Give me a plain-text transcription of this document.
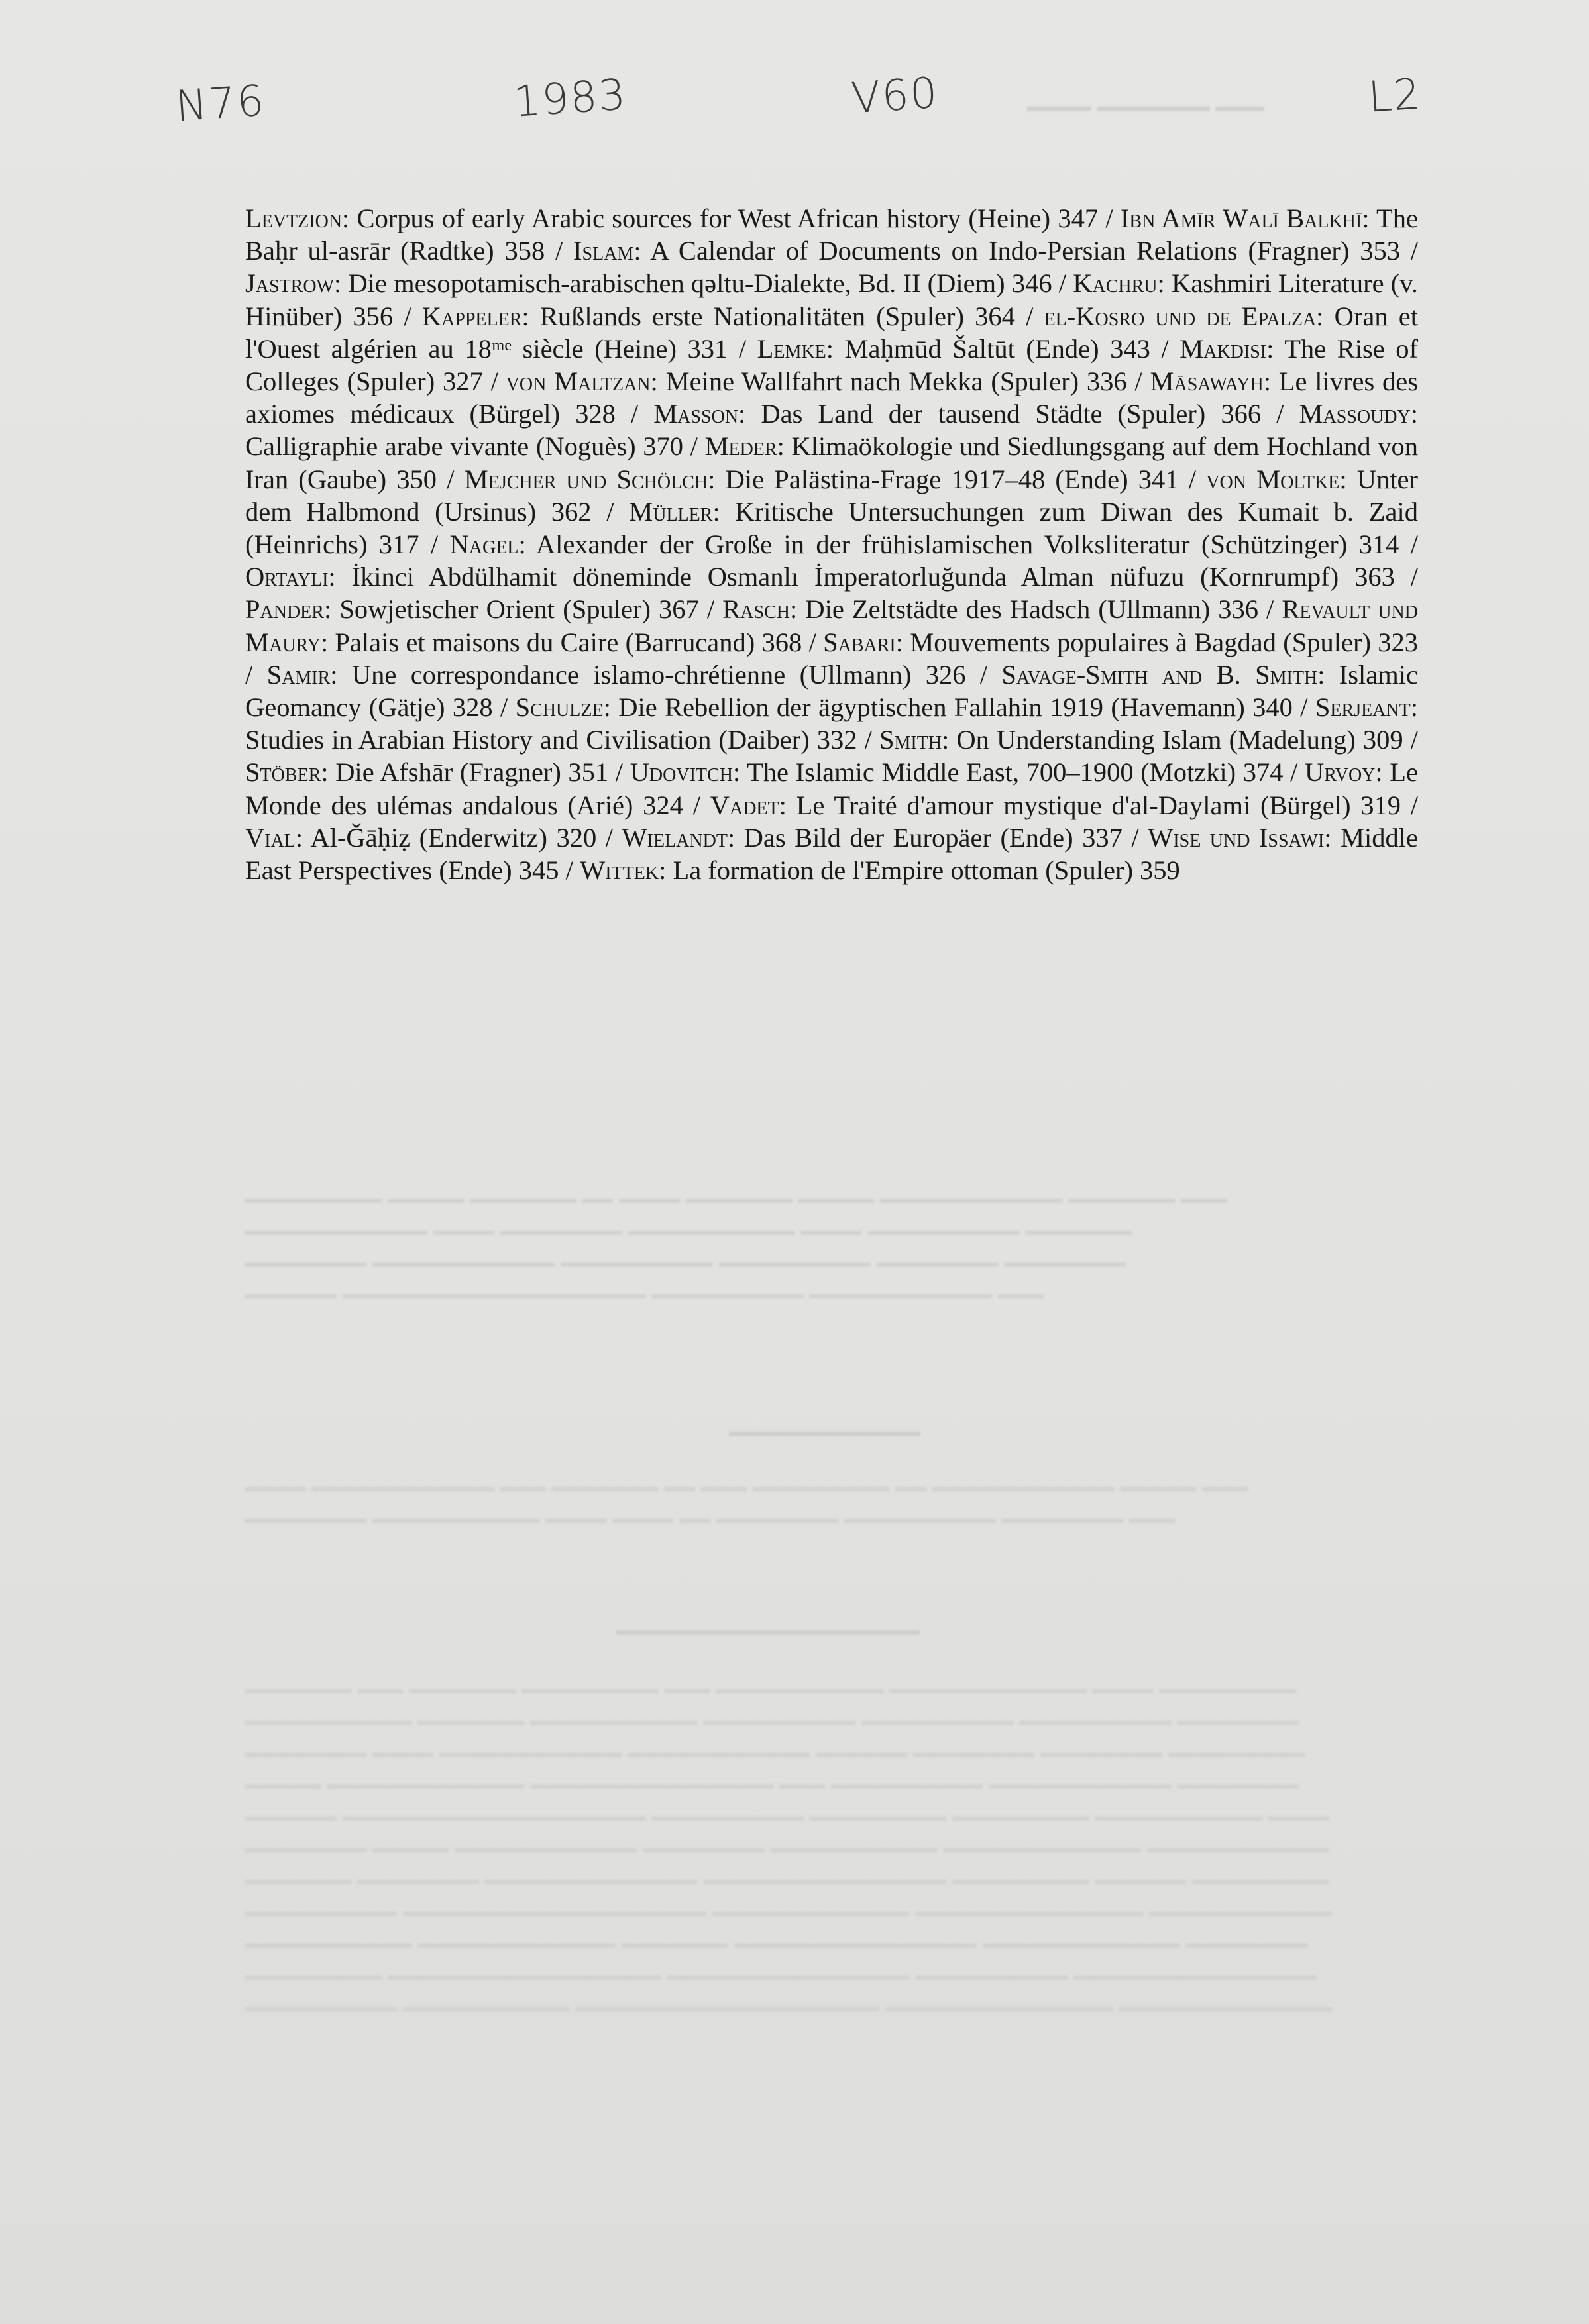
N76	1983	V60	L2
━━━━ ━━━━━━━ ━━━
━━━━━━━━━ ━━━━━ ━━━━━━━ ━━ ━━━━ ━━━━━━━ ━━━━━ ━━━━━━━━━━━━ ━━━━━━━ ━━━
━━━━━━━━━━━━ ━━━━ ━━━━━━━━ ━━━━━━━━━━━ ━━━━ ━━━━━━━━━━ ━━━━━━━
━━━━━━━━ ━━━━━━━━━━━━ ━━━━━━━━━━ ━━━━━━━━━━ ━━━━━━━━ ━━━━━━━━
━━━━━━ ━━━━━━━━━━━━━━━━━━━━ ━━━━━━━━━━ ━━━━━━━━━━━━ ━━━
━━━━━━━━━━━━
━━━━ ━━━━━━━━━━━━ ━━━ ━━━━━━━ ━━ ━━━ ━━━━━━━━━ ━━ ━━━━━━━━━━━━ ━━━━━ ━━━
━━━━━━━━ ━━━━━━━━━━━ ━━━━ ━━━━ ━━ ━━━━━━━━ ━━━━━━━━━━ ━━━━━━━━ ━━━
━━━━━━━━━━━━━━━━━━━
━━━━━━━ ━━━ ━━━━━━━ ━━━━━━━━━ ━━━ ━━━━━━━━━━━ ━━━━━━━━━━━━━ ━━━━ ━━━━━━━━━
━━━━━━━━━━━ ━━━━━━━ ━━━━━━━━━━━ ━━━━━━━━━━ ━━━━━━━━━━ ━━━━━━━━━━ ━━━━━━━━
━━━━━━━━ ━━━━ ━━━━━━━━━━━━ ━━━━━━━━━━━━ ━━━━━━ ━━━━━━━━ ━━━━━━━━ ━━━━━━━━━
━━━━━ ━━━━━━━━━━━━━ ━━━━━━━━━━━━━━━━ ━━━ ━━━━━━━━━━ ━━━━━━━━━━━━ ━━━━━━━━
━━━━━━ ━━━━━━━━━━━━━━━━━━━━ ━━━━━━━━━━ ━━━━━━━━━ ━━━━━━━━━ ━━━━━━━━━━━ ━━━━
━━━━━━━━ ━━━━━ ━━━━━━━━━━━━ ━━━━━━━━ ━━━━━━━━━━━ ━━━━━━━━━━━━━ ━━━━━━━━━━━━
━━━━━━━ ━━━━━━━━ ━━━━━━━━━━━━━━ ━━━━━━━━━━━━━━━━ ━━━━━━━━━ ━━━━━━ ━━━━━━━━━
━━━━━━━━━━ ━━━━━━━━━━━━━━━━━━━━ ━━━━━━━━━━━━━ ━━━━━━━━━━━━━━━ ━━━━━━━━━━━━
━━━━━━━━━━━ ━━━━━━━━━━━━━ ━━━━━━━ ━━━━━━━━━━━━━━━━ ━━━━━━━━━━━━━ ━━━━━━━━
━━━━━━━━━ ━━━━━━━━━━━━━━━━━━ ━━━━━━━━━━━━━━━━ ━━━━━━━━━━ ━━━━━━━━━━━━━━━━
━━━━━━━━━━ ━━━━━━━━━━━ ━━━━━━━━━━━━━━━━━━━━ ━━━━━━━━━━━━━━━ ━━━━━━━━━━━━━━

Levtzion: Corpus of early Arabic sources for West African history (Heine) 347 / Ibn Amīr Walī Balkhī: The Baḥr ul-asrār (Radtke) 358 / Islam: A Calendar of Documents on Indo-Persian Relations (Fragner) 353 / Jastrow: Die mesopotamisch-arabischen qəltu-Dialekte, Bd. II (Diem) 346 / Kachru: Kashmiri Literature (v. Hinüber) 356 / Kappeler: Rußlands erste Nationalitäten (Spuler) 364 / el-Kosro und de Epalza: Oran et l'Ouest algérien au 18ᵐᵉ siècle (Heine) 331 / Lemke: Maḥmūd Šaltūt (Ende) 343 / Makdisi: The Rise of Colleges (Spuler) 327 / von Maltzan: Meine Wallfahrt nach Mekka (Spuler) 336 / Māsawayh: Le livres des axiomes médicaux (Bürgel) 328 / Masson: Das Land der tausend Städte (Spuler) 366 / Massoudy: Calligraphie arabe vivante (Noguès) 370 / Meder: Klimaökologie und Siedlungsgang auf dem Hochland von Iran (Gaube) 350 / Mejcher und Schölch: Die Palästina-Frage 1917–48 (Ende) 341 / von Moltke: Unter dem Halbmond (Ursinus) 362 / Müller: Kritische Untersuchungen zum Diwan des Kumait b. Zaid (Heinrichs) 317 / Nagel: Alexander der Große in der frühislamischen Volksliteratur (Schützinger) 314 / Ortaylı: İkinci Abdülhamit döneminde Osmanlı İmperatorluğunda Alman nüfuzu (Kornrumpf) 363 / Pander: Sowjetischer Orient (Spuler) 367 / Rasch: Die Zeltstädte des Hadsch (Ullmann) 336 / Revault und Maury: Palais et maisons du Caire (Barrucand) 368 / Sabari: Mouvements populaires à Bagdad (Spuler) 323 / Samir: Une correspondance islamo-chrétienne (Ullmann) 326 / Savage-Smith and B. Smith: Islamic Geomancy (Gätje) 328 / Schulze: Die Rebellion der ägyptischen Fallahin 1919 (Havemann) 340 / Serjeant: Studies in Arabian History and Civilisation (Daiber) 332 / Smith: On Understanding Islam (Madelung) 309 / Stöber: Die Afshār (Fragner) 351 / Udovitch: The Islamic Middle East, 700–1900 (Motzki) 374 / Urvoy: Le Monde des ulémas andalous (Arié) 324 / Vadet: Le Traité d'amour mystique d'al-Daylami (Bürgel) 319 / Vial: Al-Ǧāḥiẓ (Enderwitz) 320 / Wielandt: Das Bild der Europäer (Ende) 337 / Wise und Issawi: Middle East Perspectives (Ende) 345 / Wittek: La formation de l'Empire ottoman (Spuler) 359
